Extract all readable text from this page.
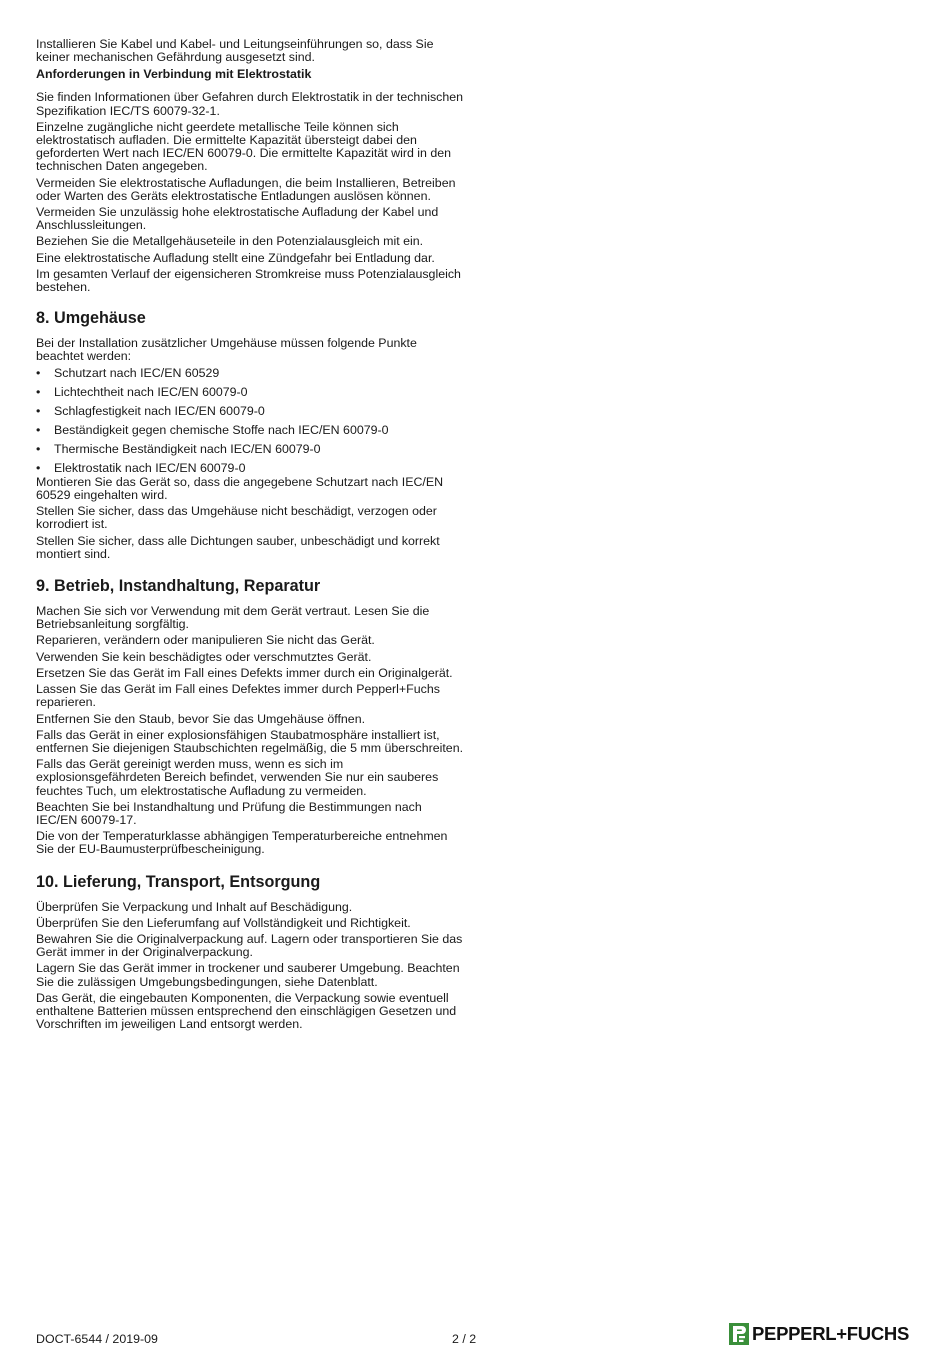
Installieren Sie Kabel und Kabel- und Leitungseinführungen so, dass Sie keiner mechanischen Gefährdung ausgesetzt sind.

Anforderungen in Verbindung mit Elektrostatik

Sie finden Informationen über Gefahren durch Elektrostatik in der technischen Spezifikation IEC/TS 60079-32-1.

Einzelne zugängliche nicht geerdete metallische Teile können sich elektrostatisch aufladen. Die ermittelte Kapazität übersteigt dabei den geforderten Wert nach IEC/EN 60079-0. Die ermittelte Kapazität wird in den technischen Daten angegeben.

Vermeiden Sie elektrostatische Aufladungen, die beim Installieren, Betreiben oder Warten des Geräts elektrostatische Entladungen auslösen können.

Vermeiden Sie unzulässig hohe elektrostatische Aufladung der Kabel und Anschlussleitungen.

Beziehen Sie die Metallgehäuseteile in den Potenzialausgleich mit ein.

Eine elektrostatische Aufladung stellt eine Zündgefahr bei Entladung dar.

Im gesamten Verlauf der eigensicheren Stromkreise muss Potenzialausgleich bestehen.

8. Umgehäuse

Bei der Installation zusätzlicher Umgehäuse müssen folgende Punkte beachtet werden:

• Schutzart nach IEC/EN 60529
• Lichtechtheit nach IEC/EN 60079-0
• Schlagfestigkeit nach IEC/EN 60079-0
• Beständigkeit gegen chemische Stoffe nach IEC/EN 60079-0
• Thermische Beständigkeit nach IEC/EN 60079-0
• Elektrostatik nach IEC/EN 60079-0

Montieren Sie das Gerät so, dass die angegebene Schutzart nach IEC/EN 60529 eingehalten wird.

Stellen Sie sicher, dass das Umgehäuse nicht beschädigt, verzogen oder korrodiert ist.

Stellen Sie sicher, dass alle Dichtungen sauber, unbeschädigt und korrekt montiert sind.

9. Betrieb, Instandhaltung, Reparatur

Machen Sie sich vor Verwendung mit dem Gerät vertraut. Lesen Sie die Betriebsanleitung sorgfältig.

Reparieren, verändern oder manipulieren Sie nicht das Gerät.

Verwenden Sie kein beschädigtes oder verschmutztes Gerät.

Ersetzen Sie das Gerät im Fall eines Defekts immer durch ein Originalgerät.

Lassen Sie das Gerät im Fall eines Defektes immer durch Pepperl+Fuchs reparieren.

Entfernen Sie den Staub, bevor Sie das Umgehäuse öffnen.

Falls das Gerät in einer explosionsfähigen Staubatmosphäre installiert ist, entfernen Sie diejenigen Staubschichten regelmäßig, die 5 mm überschreiten.

Falls das Gerät gereinigt werden muss, wenn es sich im explosionsgefährdeten Bereich befindet, verwenden Sie nur ein sauberes feuchtes Tuch, um elektrostatische Aufladung zu vermeiden.

Beachten Sie bei Instandhaltung und Prüfung die Bestimmungen nach IEC/EN 60079-17.

Die von der Temperaturklasse abhängigen Temperaturbereiche entnehmen Sie der EU-Baumusterprüfbescheinigung.

10. Lieferung, Transport, Entsorgung

Überprüfen Sie Verpackung und Inhalt auf Beschädigung.

Überprüfen Sie den Lieferumfang auf Vollständigkeit und Richtigkeit.

Bewahren Sie die Originalverpackung auf. Lagern oder transportieren Sie das Gerät immer in der Originalverpackung.

Lagern Sie das Gerät immer in trockener und sauberer Umgebung. Beachten Sie die zulässigen Umgebungsbedingungen, siehe Datenblatt.

Das Gerät, die eingebauten Komponenten, die Verpackung sowie eventuell enthaltene Batterien müssen entsprechend den einschlägigen Gesetzen und Vorschriften im jeweiligen Land entsorgt werden.

DOCT-6544 / 2019-09	2 / 2	PEPPERL+FUCHS
